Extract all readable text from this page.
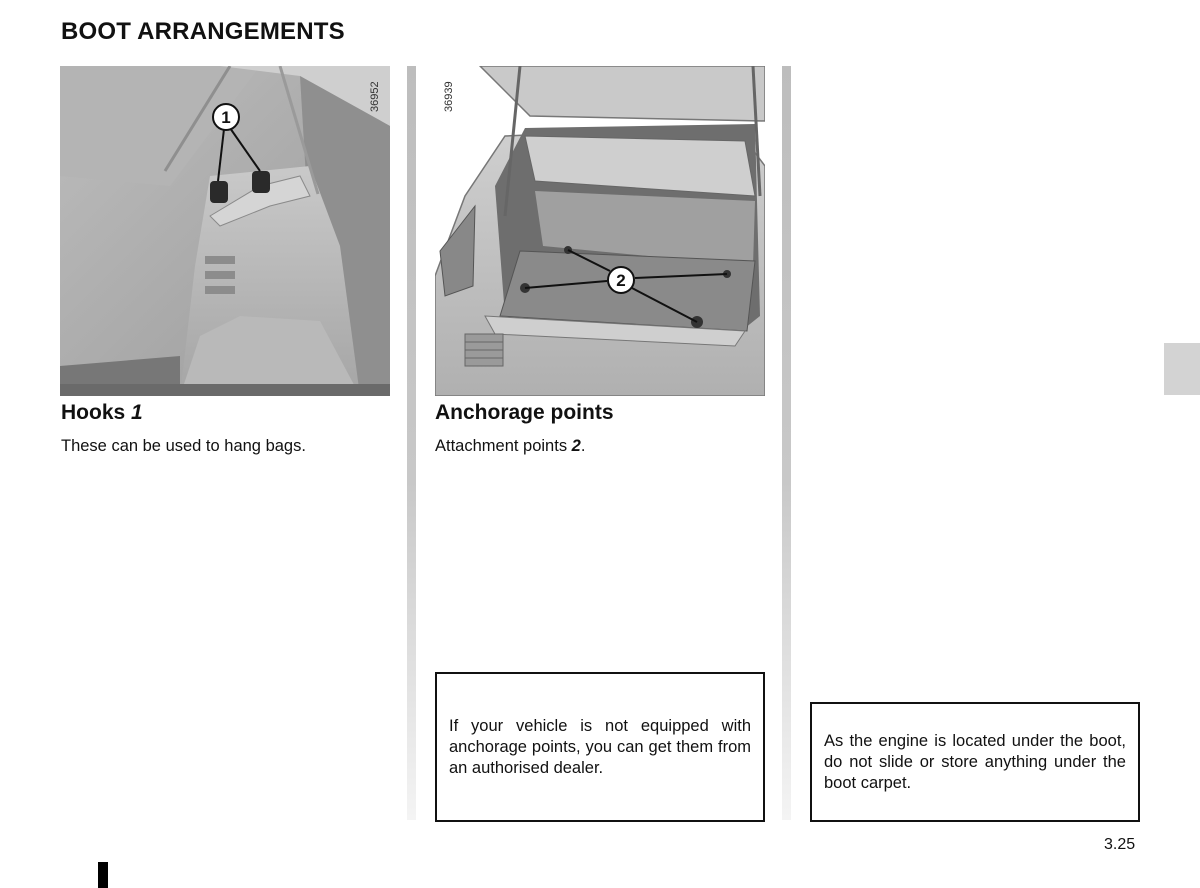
BOOT ARRANGEMENTS
1
36952
2
36939
Hooks 1
These can be used to hang bags.
Anchorage points
Attachment points 2.
If your vehicle is not equipped with anchorage points, you can get them from an authorised dealer.
As the engine is located under the boot, do not slide or store anything under the boot carpet.
3.25
